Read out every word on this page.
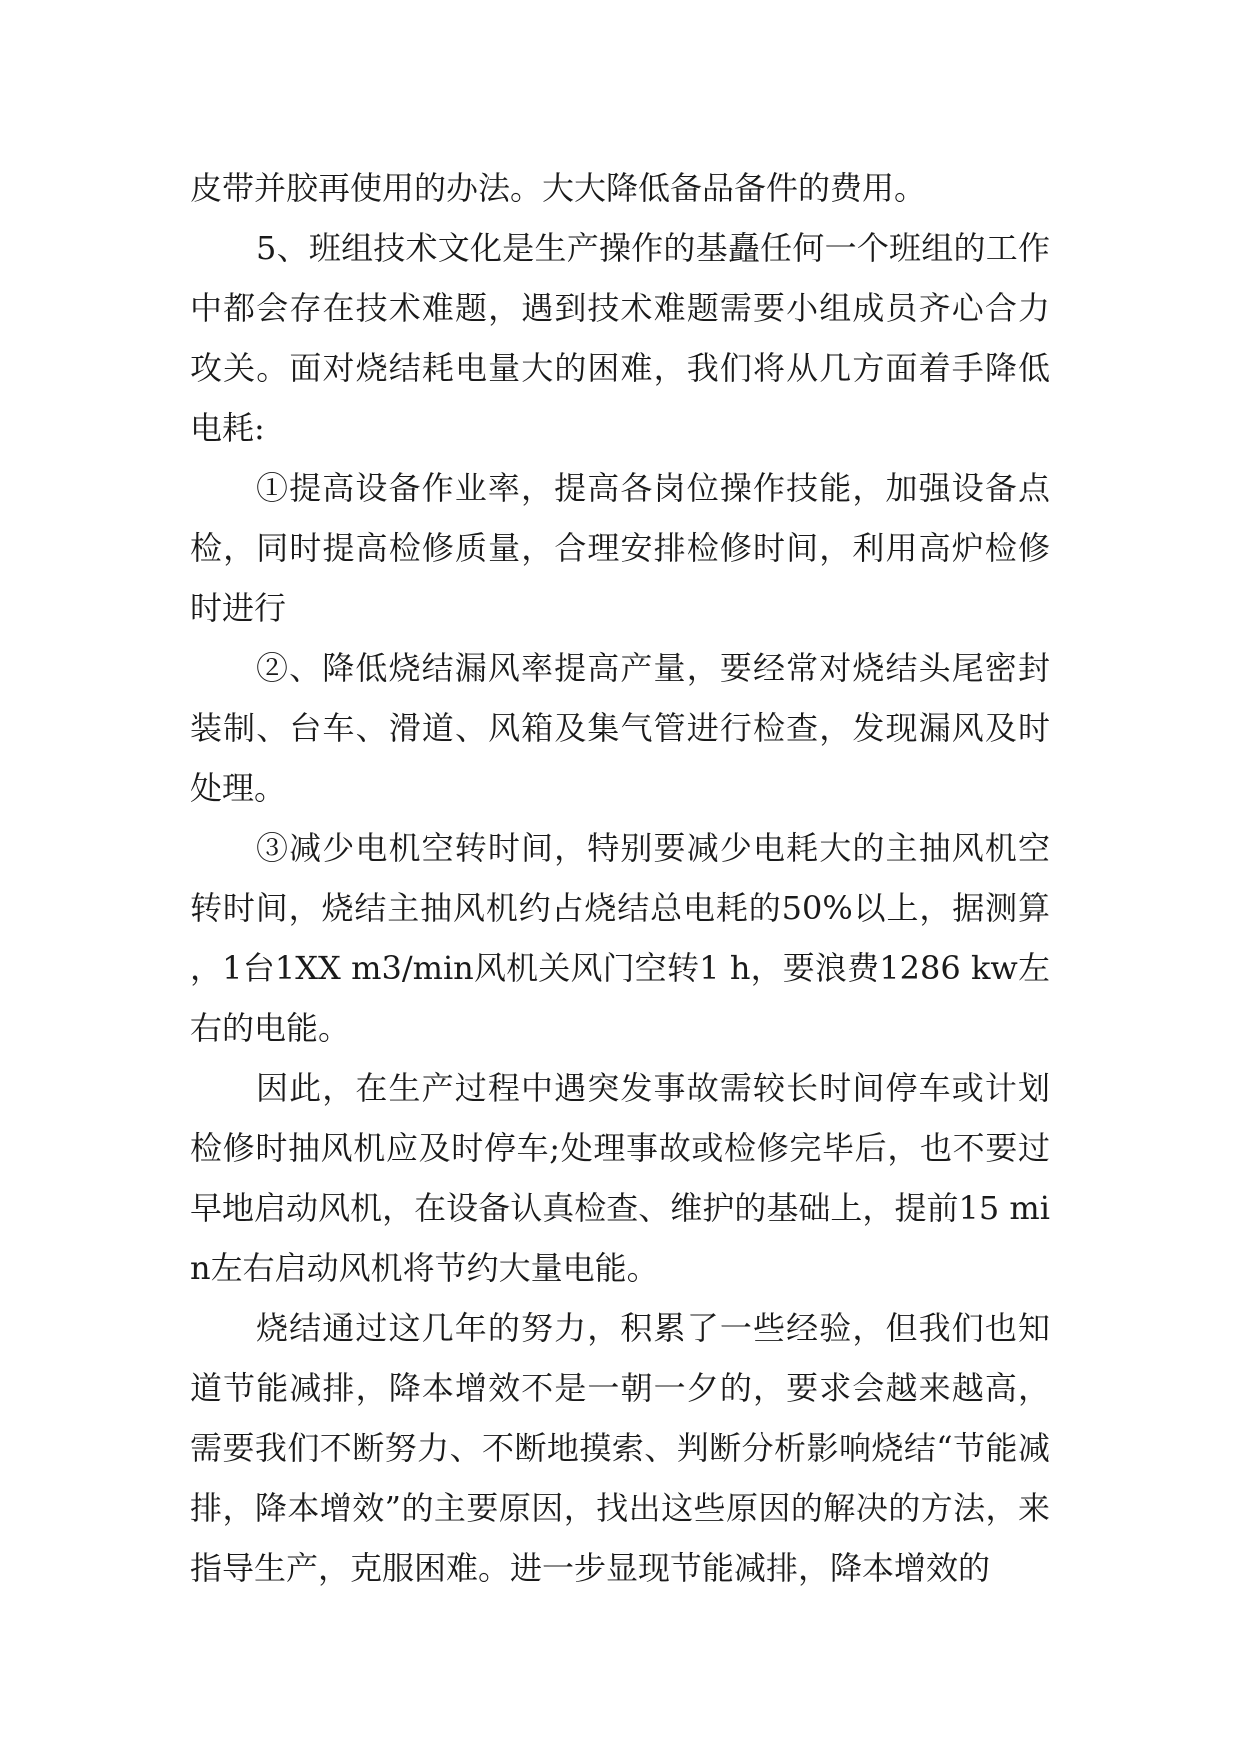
皮带并胶再使用的办法。大大降低备品备件的费用。

5、班组技术文化是生产操作的基矗任何一个班组的工作中都会存在技术难题，遇到技术难题需要小组成员齐心合力攻关。面对烧结耗电量大的困难，我们将从几方面着手降低电耗:

①提高设备作业率，提高各岗位操作技能，加强设备点检，同时提高检修质量，合理安排检修时间，利用高炉检修时进行

②、降低烧结漏风率提高产量，要经常对烧结头尾密封装制、台车、滑道、风箱及集气管进行检查，发现漏风及时处理。

③减少电机空转时间，特别要减少电耗大的主抽风机空转时间，烧结主抽风机约占烧结总电耗的50%以上，据测算，1台1XX m3/min风机关风门空转1 h，要浪费1286 kw左右的电能。

因此，在生产过程中遇突发事故需较长时间停车或计划检修时抽风机应及时停车;处理事故或检修完毕后，也不要过早地启动风机，在设备认真检查、维护的基础上，提前15 min左右启动风机将节约大量电能。

烧结通过这几年的努力，积累了一些经验，但我们也知道节能减排，降本增效不是一朝一夕的，要求会越来越高，需要我们不断努力、不断地摸索、判断分析影响烧结“节能减排，降本增效”的主要原因，找出这些原因的解决的方法，来指导生产，克服困难。进一步显现节能减排，降本增效的
